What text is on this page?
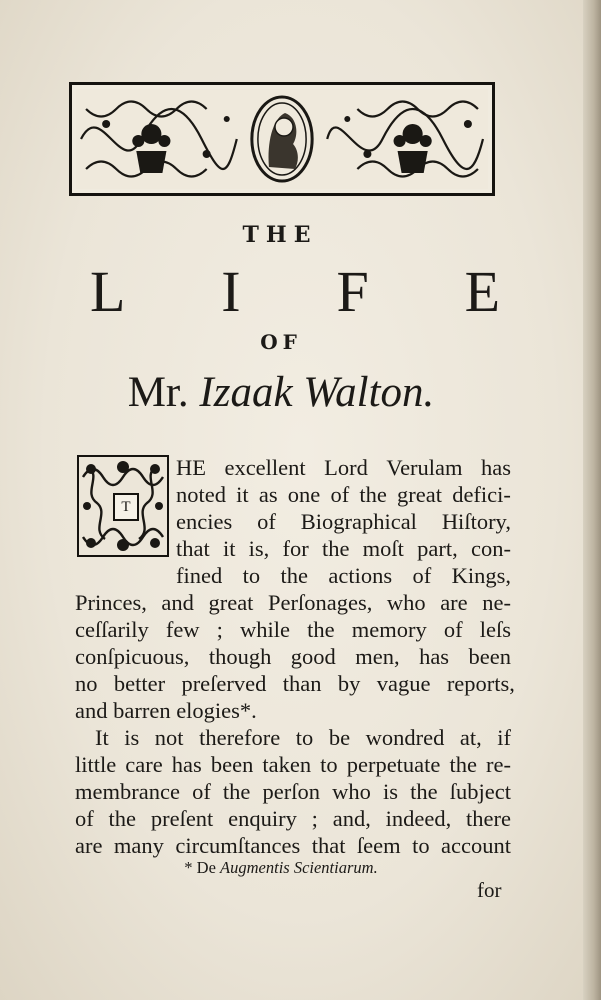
THE
L I F E
OF
Mr. Izaak Walton.
T
HE excellent Lord Verulam has
noted it as one of the great defici-
encies of Biographical Hiſtory,
that it is, for the moſt part, con-
fined to the actions of Kings,
Princes, and great Perſonages, who are ne-
ceſſarily few ; while the memory of leſs
conſpicuous, though good men, has been
no better preſerved than by vague reports,
and barren elogies*.
It is not therefore to be wondred at, if
little care has been taken to perpetuate the re-
membrance of the perſon who is the ſubject
of the preſent enquiry ; and, indeed, there
are many circumſtances that ſeem to account
* De Augmentis Scientiarum.
for
